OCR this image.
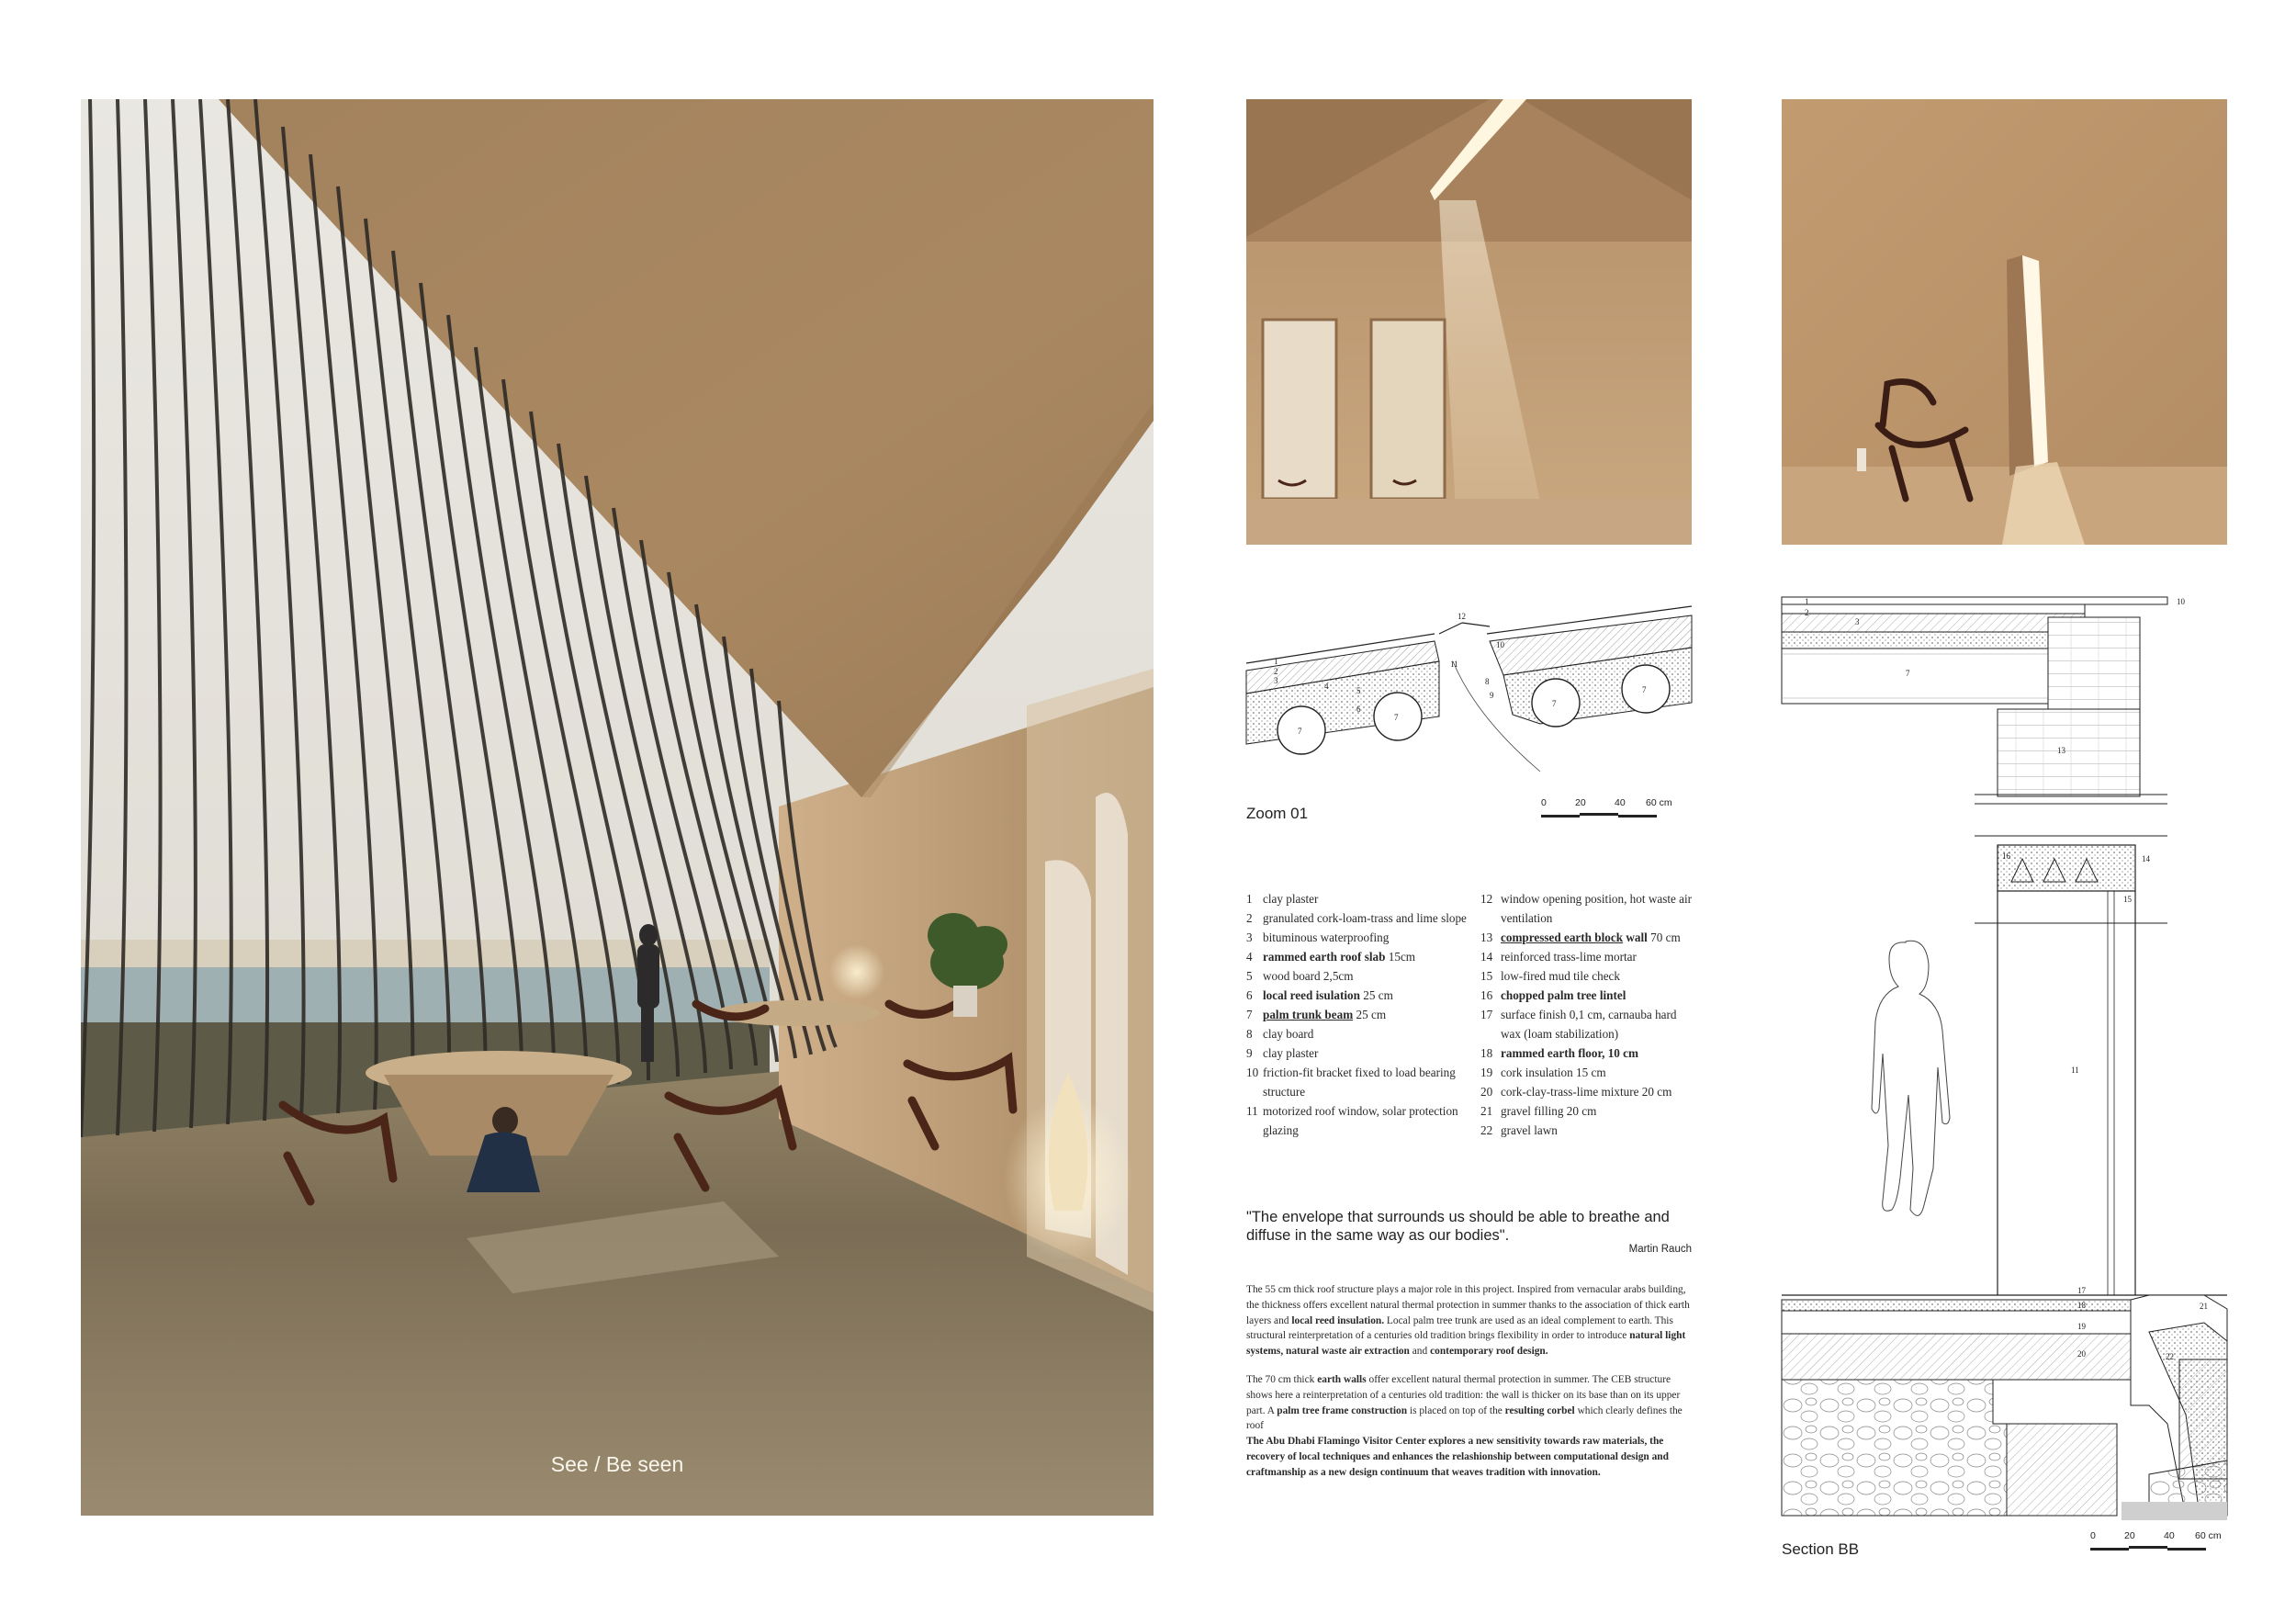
See / Be seen
1
2
3
4	5
6
7
7
8
9
10
11
12
7
7
Zoom 01
0	20	40 60 cm
1 clay plaster
2 granulated cork-loam-trass and lime slope
3 bituminous waterproofing
4 rammed earth roof slab 15cm
5 wood board 2,5cm
6 local reed isulation 25 cm
7 palm trunk beam 25 cm
8 clay board
9 clay plaster
10 friction-fit bracket fixed to load bearing structure
11 motorized roof window, solar protection glazing
12 window opening position, hot waste air ventilation
13 compressed earth block wall 70 cm
14 reinforced trass-lime mortar
15 low-fired mud tile check
16 chopped palm tree lintel
17 surface finish 0,1 cm, carnauba hard wax (loam stabilization)
18 rammed earth floor, 10 cm
19 cork insulation 15 cm
20 cork-clay-trass-lime mixture 20 cm
21 gravel filling 20 cm
22 gravel lawn
"The envelope that surrounds us should be able to breathe and diffuse in the same way as our bodies".
Martin Rauch

The 55 cm thick roof structure plays a major role in this project. Inspired from vernacular arabs building, the thickness offers excellent natural thermal protection in summer thanks to the association of thick earth layers and local reed insulation. Local palm tree trunk are used as an ideal complement to earth. This structural reinterpretation of a centuries old tradition brings flexibility in order to introduce natural light systems, natural waste air extraction and contemporary roof design.

The 70 cm thick earth walls offer excellent natural thermal protection in summer. The CEB structure shows here a reinterpretation of a centuries old tradition: the wall is thicker on its base than on its upper part. A palm tree frame construction is placed on top of the resulting corbel which clearly defines the roof

The Abu Dhabi Flamingo Visitor Center explores a new sensitivity towards raw materials, the recovery of local techniques and enhances the relashionship between computational design and craftmanship as a new design continuum that weaves tradition with innovation.

1
2
3
7
10
11
13
14
15
16
17
18
19
20
21
22
Section BB
0	20	40 60 cm
